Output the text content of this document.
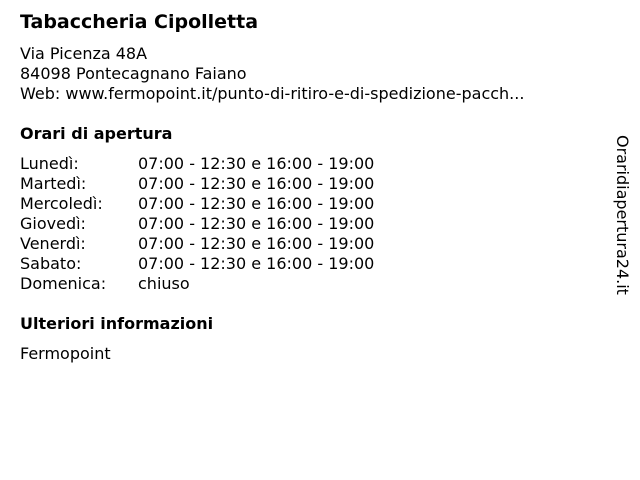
Tabaccheria Cipolletta
Via Picenza 48A
84098 Pontecagnano Faiano
Web: www.fermopoint.it/punto-di-ritiro-e-di-spedizione-pacch...
Orari di apertura
Lunedì:	07:00 - 12:30 e 16:00 - 19:00
Martedì:	07:00 - 12:30 e 16:00 - 19:00
Mercoledì:	07:00 - 12:30 e 16:00 - 19:00
Giovedì:	07:00 - 12:30 e 16:00 - 19:00
Venerdì:	07:00 - 12:30 e 16:00 - 19:00
Sabato:	07:00 - 12:30 e 16:00 - 19:00
Domenica:	chiuso
Ulteriori informazioni
Fermopoint
Oraridiapertura24.it
